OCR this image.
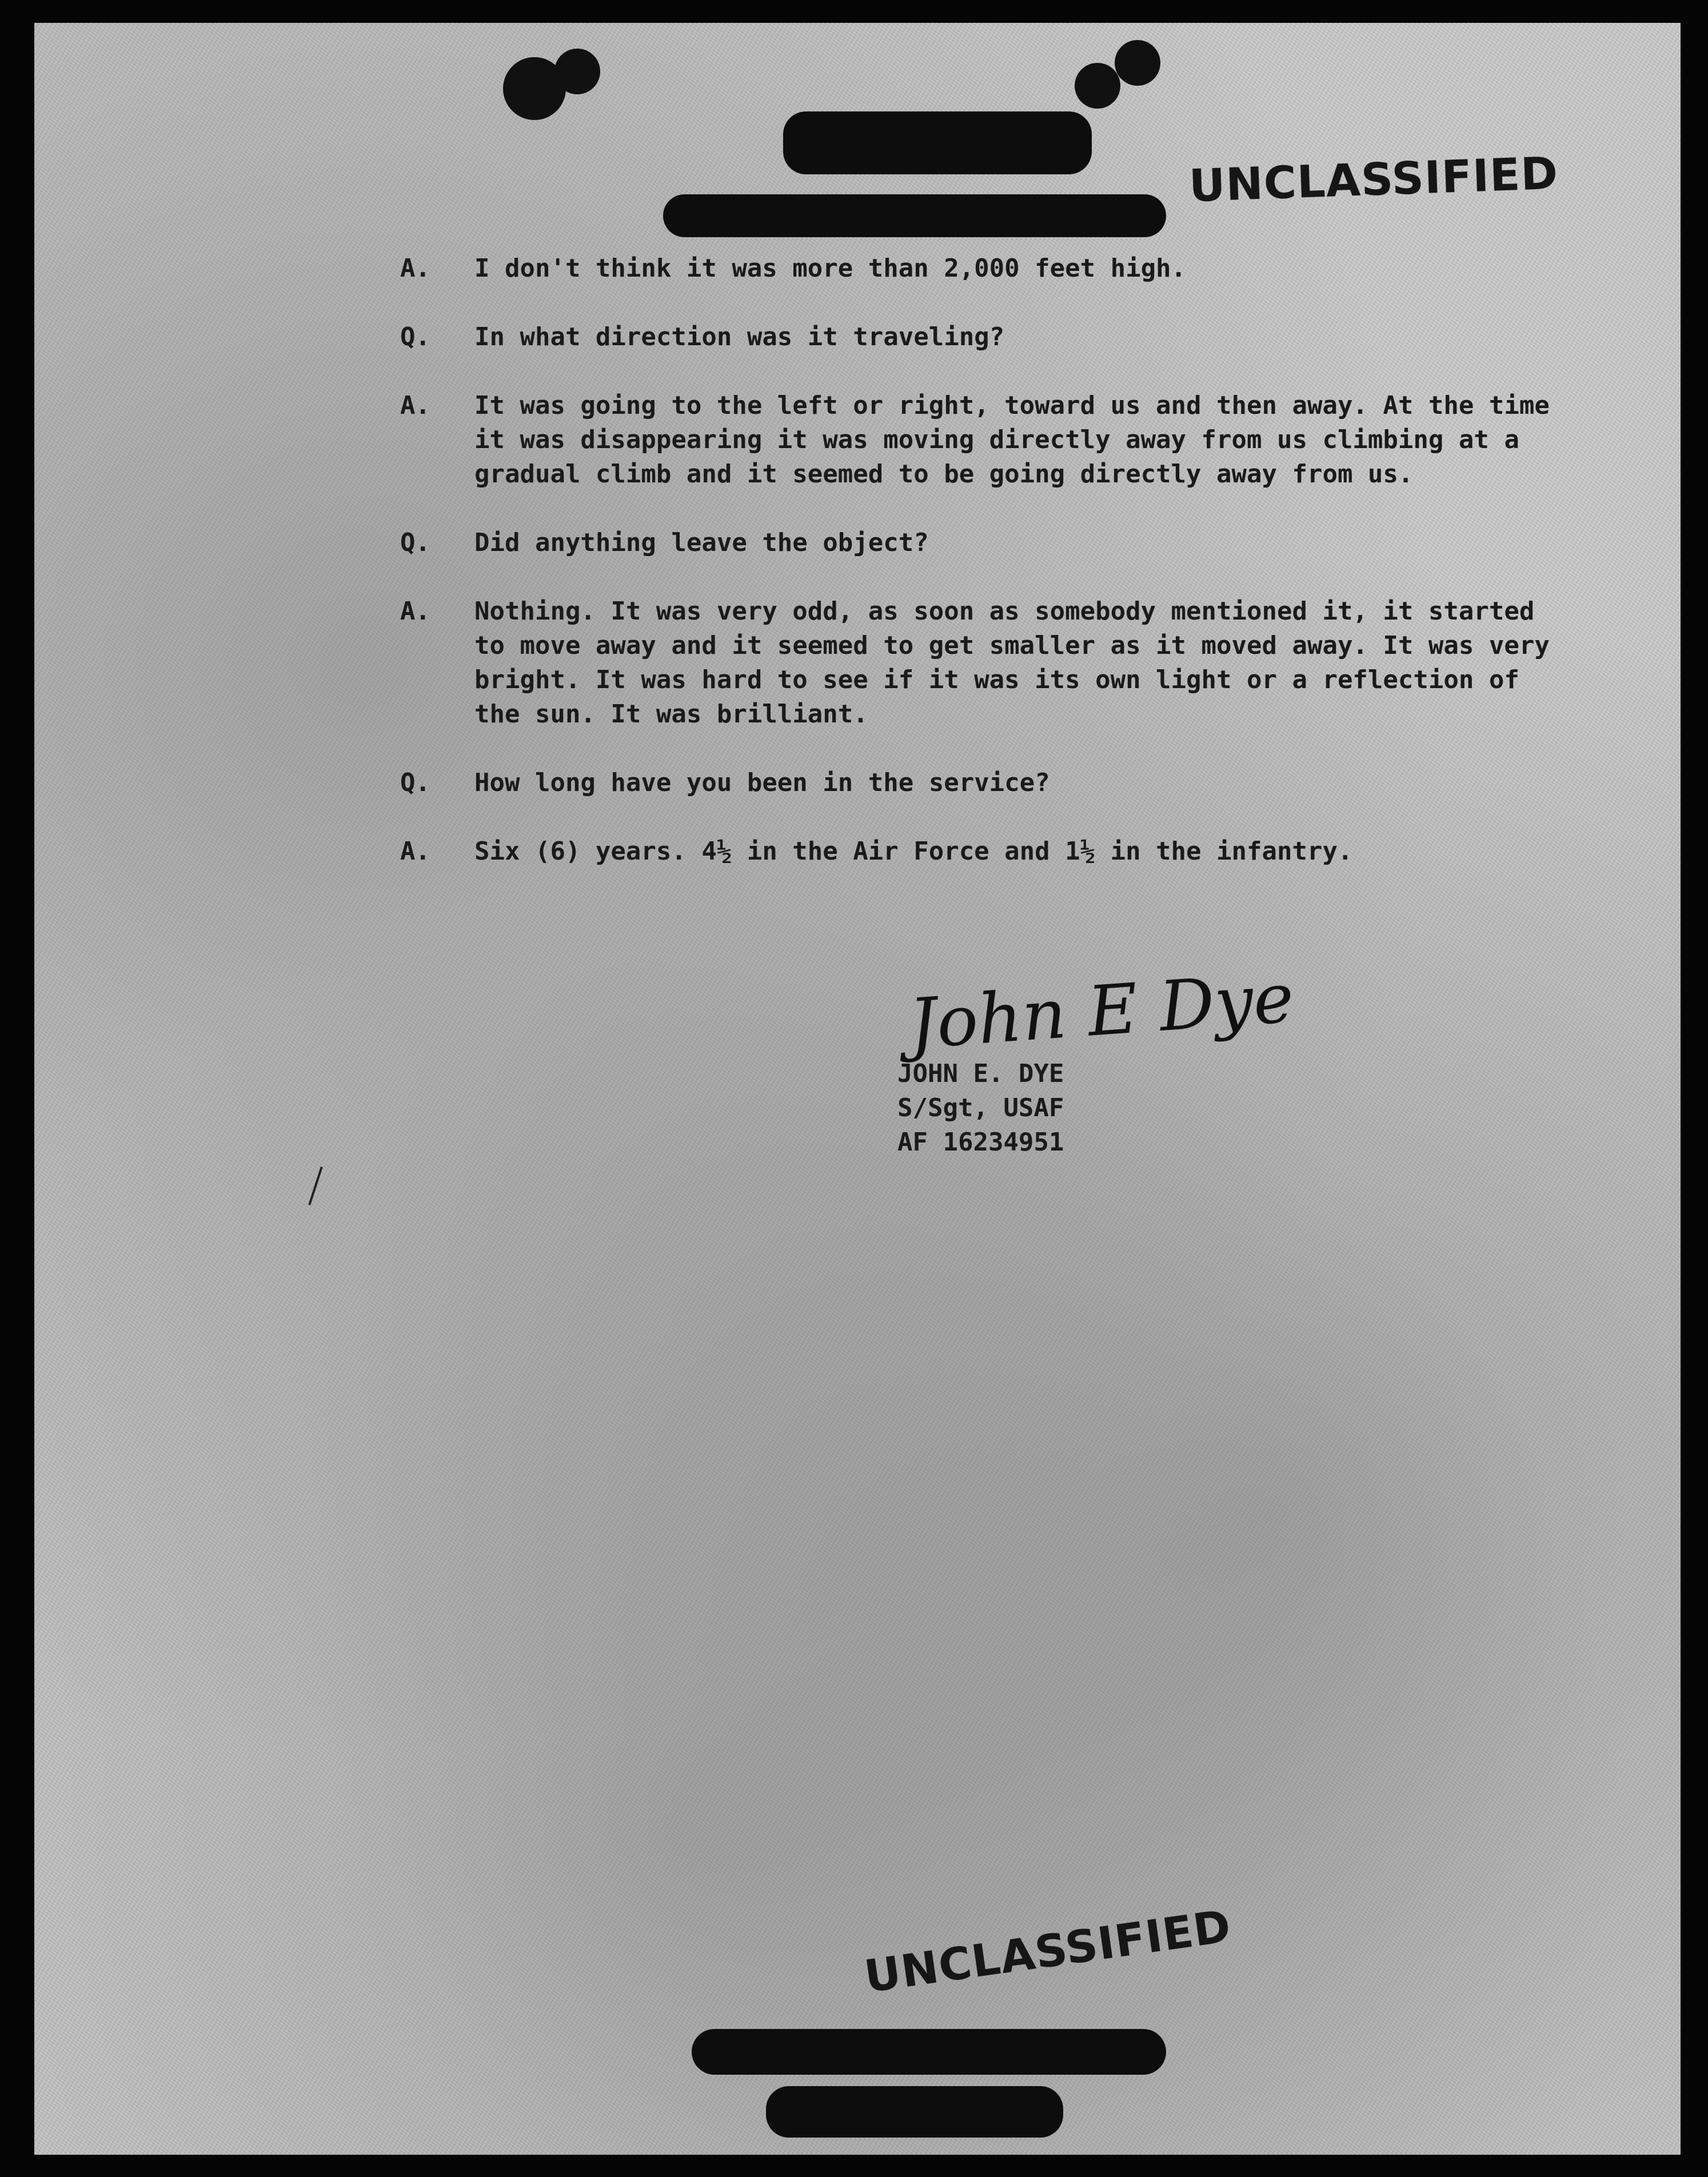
UNCLASSIFIED
A. I don't think it was more than 2,000 feet high.
Q. In what direction was it traveling?
A. It was going to the left or right, toward us and then away. At the time it was disappearing it was moving directly away from us climbing at a gradual climb and it seemed to be going directly away from us.
Q. Did anything leave the object?
A. Nothing. It was very odd, as soon as somebody mentioned it, it started to move away and it seemed to get smaller as it moved away. It was very bright. It was hard to see if it was its own light or a reflection of the sun. It was brilliant.
Q. How long have you been in the service?
A. Six (6) years. 4½ in the Air Force and 1½ in the infantry.
John E Dye
JOHN E. DYE
S/Sgt, USAF
AF 16234951
UNCLASSIFIED
